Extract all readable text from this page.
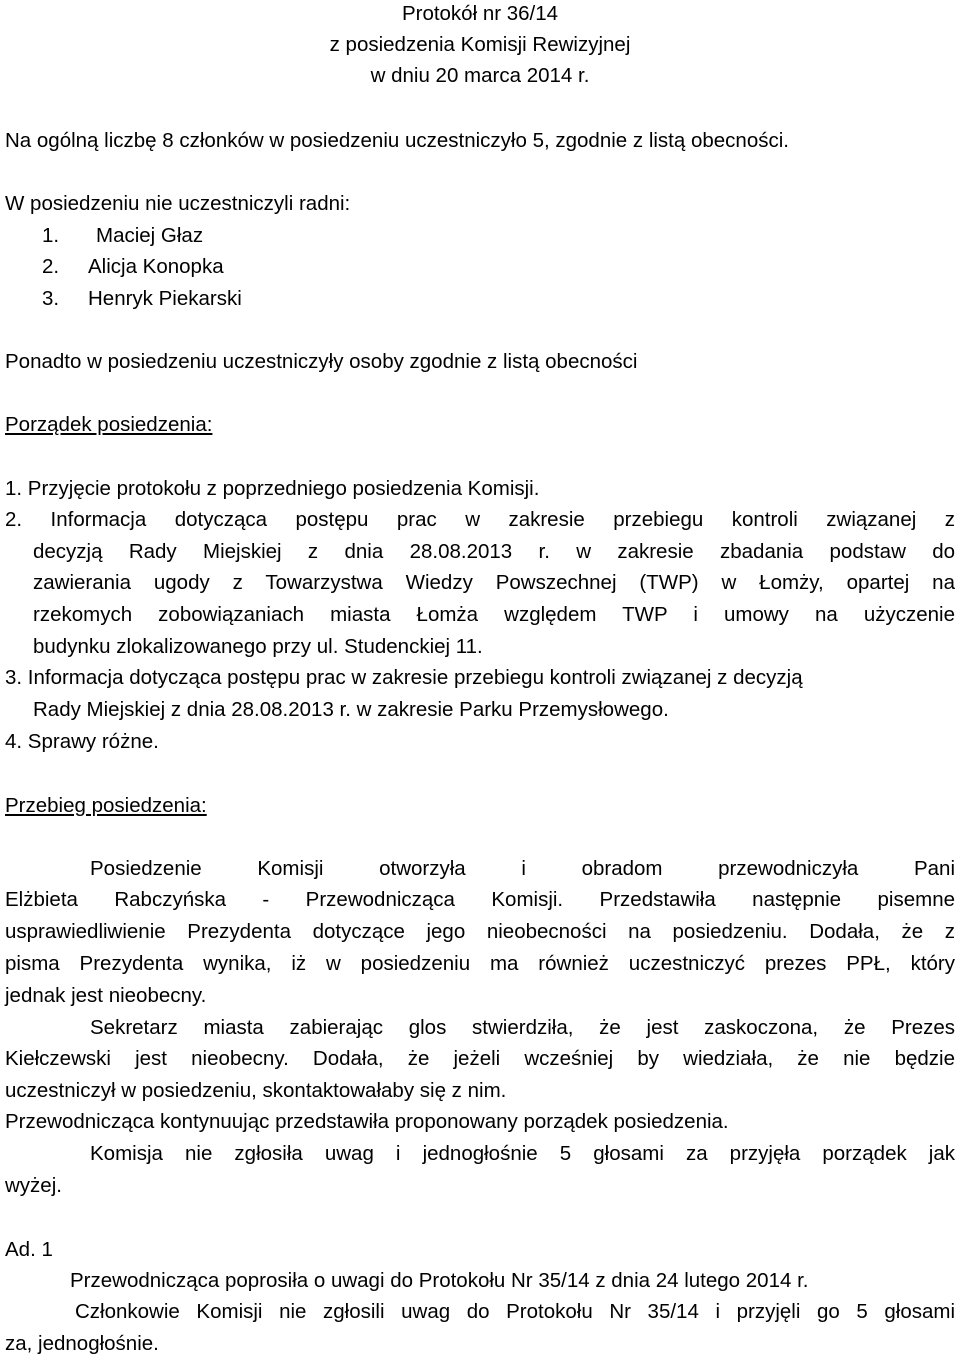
Protokół nr 36/14
z posiedzenia Komisji Rewizyjnej
w dniu 20 marca 2014 r.
Na ogólną liczbę 8 członków w posiedzeniu uczestniczyło 5, zgodnie z listą obecności.
W posiedzeniu nie uczestniczyli radni:
1. Maciej Głaz
2. Alicja Konopka
3. Henryk Piekarski
Ponadto w posiedzeniu uczestniczyły osoby zgodnie z listą obecności
Porządek posiedzenia:
1. Przyjęcie protokołu z poprzedniego posiedzenia Komisji.
2. Informacja dotycząca postępu prac w zakresie przebiegu kontroli związanej z
decyzją Rady Miejskiej z dnia 28.08.2013 r. w zakresie zbadania podstaw do
zawierania ugody z Towarzystwa Wiedzy Powszechnej (TWP) w Łomży, opartej na
rzekomych zobowiązaniach miasta Łomża względem TWP i umowy na użyczenie
budynku zlokalizowanego przy ul. Studenckiej 11.
3. Informacja dotycząca postępu prac w zakresie przebiegu kontroli związanej z decyzją
Rady Miejskiej z dnia 28.08.2013 r. w zakresie Parku Przemysłowego.
4. Sprawy różne.
Przebieg posiedzenia:
Posiedzenie Komisji otworzyła i obradom przewodniczyła Pani
Elżbieta Rabczyńska - Przewodnicząca Komisji. Przedstawiła następnie pisemne
usprawiedliwienie Prezydenta dotyczące jego nieobecności na posiedzeniu. Dodała, że z
pisma Prezydenta wynika, iż w posiedzeniu ma również uczestniczyć prezes PPŁ, który
jednak jest nieobecny.
Sekretarz miasta zabierając glos stwierdziła, że jest zaskoczona, że Prezes
Kiełczewski jest nieobecny. Dodała, że jeżeli wcześniej by wiedziała, że nie będzie
uczestniczył w posiedzeniu, skontaktowałaby się z nim.
Przewodnicząca kontynuując przedstawiła proponowany porządek posiedzenia.
Komisja nie zgłosiła uwag i jednogłośnie 5 głosami za przyjęła porządek jak
wyżej.
Ad. 1
Przewodnicząca poprosiła o uwagi do Protokołu Nr 35/14 z dnia 24 lutego 2014 r.
Członkowie Komisji nie zgłosili uwag do Protokołu Nr 35/14 i przyjęli go 5 głosami
za, jednogłośnie.
